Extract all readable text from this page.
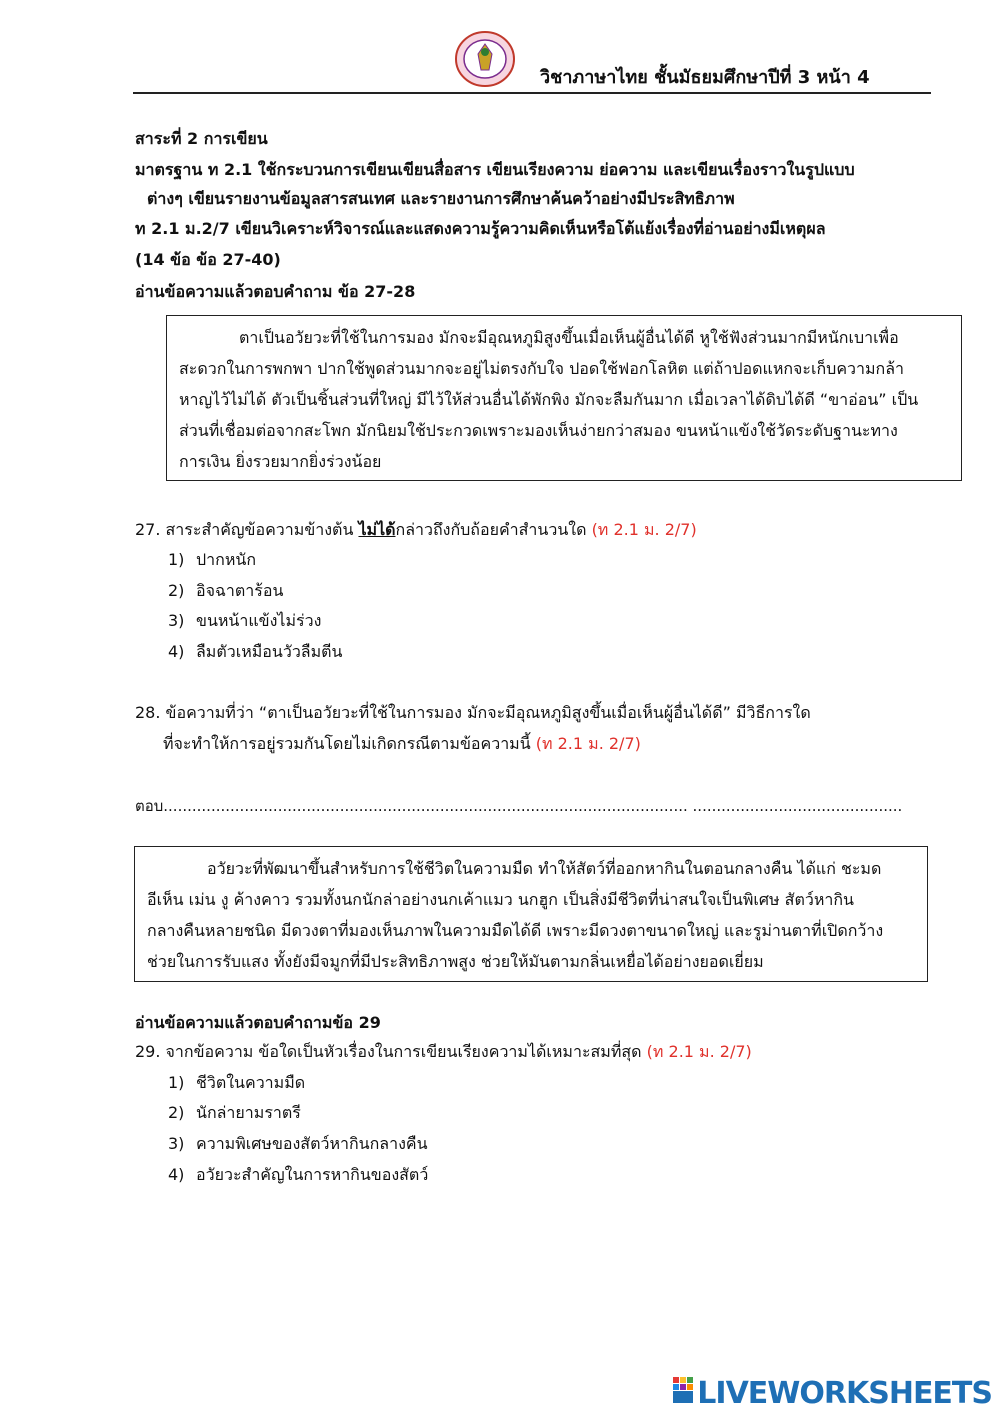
วิชาภาษาไทย ชั้นมัธยมศึกษาปีที่ 3 หน้า 4
สาระที่ 2 การเขียน
มาตรฐาน ท 2.1 ใช้กระบวนการเขียนเขียนสื่อสาร เขียนเรียงความ ย่อความ และเขียนเรื่องราวในรูปแบบ
ต่างๆ เขียนรายงานข้อมูลสารสนเทศ และรายงานการศึกษาค้นคว้าอย่างมีประสิทธิภาพ
ท 2.1 ม.2/7 เขียนวิเคราะห์วิจารณ์และแสดงความรู้ความคิดเห็นหรือโต้แย้งเรื่องที่อ่านอย่างมีเหตุผล
(14 ข้อ ข้อ 27-40)
อ่านข้อความแล้วตอบคำถาม ข้อ 27-28
ตาเป็นอวัยวะที่ใช้ในการมอง มักจะมีอุณหภูมิสูงขึ้นเมื่อเห็นผู้อื่นได้ดี หูใช้ฟังส่วนมากมีหนักเบาเพื่อ
สะดวกในการพกพา ปากใช้พูดส่วนมากจะอยู่ไม่ตรงกับใจ ปอดใช้ฟอกโลหิต แต่ถ้าปอดแหกจะเก็บความกล้า
หาญไว้ไม่ได้ ตัวเป็นชิ้นส่วนที่ใหญ่ มีไว้ให้ส่วนอื่นได้พักพิง มักจะลืมกันมาก เมื่อเวลาได้ดิบได้ดี “ขาอ่อน” เป็น
ส่วนที่เชื่อมต่อจากสะโพก มักนิยมใช้ประกวดเพราะมองเห็นง่ายกว่าสมอง ขนหน้าแข้งใช้วัดระดับฐานะทาง
การเงิน ยิ่งรวยมากยิ่งร่วงน้อย
27. สาระสำคัญข้อความข้างต้น ไม่ได้กล่าวถึงกับถ้อยคำสำนวนใด (ท 2.1 ม. 2/7)
1) ปากหนัก
2) อิจฉาตาร้อน
3) ขนหน้าแข้งไม่ร่วง
4) ลืมตัวเหมือนวัวลืมตีน
28. ข้อความที่ว่า “ตาเป็นอวัยวะที่ใช้ในการมอง มักจะมีอุณหภูมิสูงขึ้นเมื่อเห็นผู้อื่นได้ดี” มีวิธีการใด
ที่จะทำให้การอยู่รวมกันโดยไม่เกิดกรณีตามข้อความนี้ (ท 2.1 ม. 2/7)
ตอบ.............................................................................................................. ............................................
อวัยวะที่พัฒนาขึ้นสำหรับการใช้ชีวิตในความมืด ทำให้สัตว์ที่ออกหากินในตอนกลางคืน ได้แก่ ชะมด
อีเห็น เม่น งู ค้างคาว รวมทั้งนกนักล่าอย่างนกเค้าแมว นกฮูก เป็นสิ่งมีชีวิตที่น่าสนใจเป็นพิเศษ สัตว์หากิน
กลางคืนหลายชนิด มีดวงตาที่มองเห็นภาพในความมืดได้ดี เพราะมีดวงตาขนาดใหญ่ และรูม่านตาที่เปิดกว้าง
ช่วยในการรับแสง ทั้งยังมีจมูกที่มีประสิทธิภาพสูง ช่วยให้มันตามกลิ่นเหยื่อได้อย่างยอดเยี่ยม
อ่านข้อความแล้วตอบคำถามข้อ 29
29. จากข้อความ ข้อใดเป็นหัวเรื่องในการเขียนเรียงความได้เหมาะสมที่สุด (ท 2.1 ม. 2/7)
1) ชีวิตในความมืด
2) นักล่ายามราตรี
3) ความพิเศษของสัตว์หากินกลางคืน
4) อวัยวะสำคัญในการหากินของสัตว์
LIVEWORKSHEETS
